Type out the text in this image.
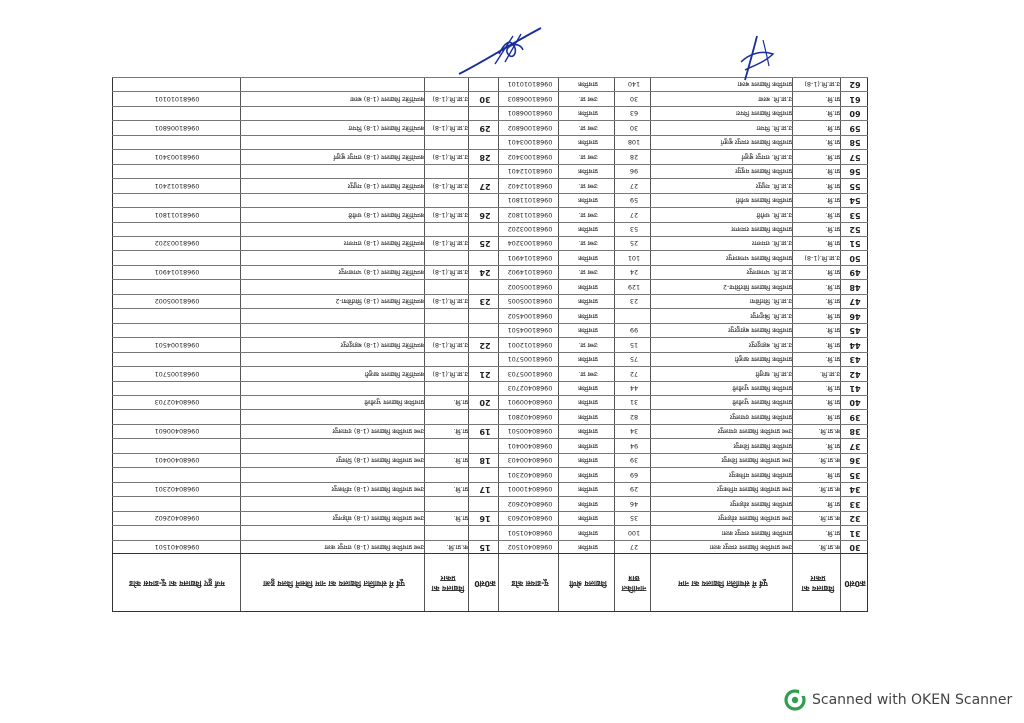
क्र0सं0
विद्यालय का प्रकार
पूर्व में संचालित विद्यालय का नाम
नामांकित छात्र
विद्यालय श्रेणी
यू-डायस कोड
क्र0सं0
विद्यालय का प्रकार
पूर्व में संचालित विद्यालय का नाम जिसमें विलय हुआ
मर्ज हुए विद्यालय का यू-डायस कोड
30
क.प्रा.वि.
उच्च प्राथमिक विद्यालय रामपुर कला
27
प्राथमिक
09680401502
15
क.प्रा.वि.
उच्च प्राथमिक विद्यालय (1-8) रामपुर कला
09680401501
31
प्रा.वि.
प्राथमिक विद्यालय रामपुर कला
100
प्राथमिक
09680401501
32
क.प्रा.वि.
उच्च प्राथमिक विद्यालय सोहनपुर
35
प्राथमिक
09680402603
16
प्रा.वि.
उच्च प्राथमिक विद्यालय (1-8) सोहनपुर
09680402602
33
प्रा.वि.
प्राथमिक विद्यालय सोहनपुर
46
प्राथमिक
09680402602
34
क.प्रा.वि.
उच्च प्राथमिक विद्यालय मनिकपुर
29
प्राथमिक
09680410001
17
प्रा.वि.
उच्च प्राथमिक विद्यालय (1-8) मनिकपुर
09680402301
35
प्रा.वि.
प्राथमिक विद्यालय मनिकपुर
69
प्राथमिक
09680402301
36
क.प्रा.वि.
उच्च प्राथमिक विद्यालय शिवपुर
39
प्राथमिक
09680400403
18
प्रा.वि.
उच्च प्राथमिक विद्यालय (1-8) शिवपुर
09680400401
37
प्रा.वि.
प्राथमिक विद्यालय शिवपुर
94
प्राथमिक
09680400401
38
क.प्रा.वि.
उच्च प्राथमिक विद्यालय दयालपुर
34
प्राथमिक
09680400501
19
प्रा.वि.
उच्च प्राथमिक विद्यालय (1-8) दयालपुर
09680400601
39
प्रा.वि.
प्राथमिक विद्यालय दयालपुर
82
प्राथमिक
09680402801
40
प्रा.वि.
प्राथमिक विद्यालय भुजौली
31
प्राथमिक
09680400901
20
प्रा.वि.
प्राथमिक विद्यालय भुजौली
09680402703
41
प्रा.वि.
प्राथमिक विद्यालय भुजौली
44
प्राथमिक
09680402703
42
उ.प्रा.वि.
उ.प्रा.वि. खजुरी
72
उच्च प्रा.
09681005703
21
उ.प्रा.वि.(1-8)
कम्पोजिट विद्यालय खजुरी
09681005701
43
प्रा.वि.
प्राथमिक विद्यालय खजुरी
75
प्राथमिक
09681005701
44
प्रा.वि.
उ.प्रा.वि. बहादुरपुर
15
उच्च प्रा.
09681012001
22
उ.प्रा.वि.(1-8)
कम्पोजिट विद्यालय (1-8) बहादुरपुर
09681004501
45
प्रा.वि.
प्राथमिक विद्यालय बहादुरपुर
99
प्राथमिक
09681004501
46
प्रा.वि.
उ.प्रा.वि. बिशुनपुर
प्राथमिक
09681004502
47
प्रा.वि.
उ.प्रा.वि. सिरसिया
23
प्राथमिक
09681005005
23
उ.प्रा.वि.(1-8)
कम्पोजिट विद्यालय (1-8) सिरसिया-2
09681005002
48
प्रा.वि.
प्राथमिक विद्यालय सिरसिया-2
129
प्राथमिक
09681005002
49
प्रा.वि.
उ.प्रा.वि. भगवानपुर
24
उच्च प्रा.
09681014902
24
उ.प्रा.वि.(1-8)
कम्पोजिट विद्यालय (1-8) भगवानपुर
09681014901
50
उ.प्रा.वि.(1-8)
प्राथमिक विद्यालय भगवानपुर
101
प्राथमिक
09681014901
51
प्रा.वि.
उ.प्रा.वि. रामनगर
25
उच्च प्रा.
09681003204
25
उ.प्रा.वि.(1-8)
कम्पोजिट विद्यालय (1-8) रामनगर
09681003202
52
प्रा.वि.
प्राथमिक विद्यालय रामनगर
53
प्राथमिक
09681003202
53
प्रा.वि.
उ.प्रा.वि. धनौरी
27
उच्च प्रा.
09681011802
26
उ.प्रा.वि.(1-8)
कम्पोजिट विद्यालय (1-8) धनौरी
09681011801
54
प्रा.वि.
प्राथमिक विद्यालय धनौरी
59
प्राथमिक
09681011801
55
प्रा.वि.
उ.प्रा.वि. मधुपुर
27
उच्च प्रा.
09681012402
27
उ.प्रा.वि.(1-8)
कम्पोजिट विद्यालय (1-8) मधुपुर
09681012401
56
प्रा.वि.
प्राथमिक विद्यालय मधुपुर
96
प्राथमिक
09681012401
57
प्रा.वि.
उ.प्रा.वि. रामपुर बुजुर्ग
28
उच्च प्रा.
09681003402
28
उ.प्रा.वि.(1-8)
कम्पोजिट विद्यालय (1-8) रामपुर बुजुर्ग
09681003401
58
प्रा.वि.
प्राथमिक विद्यालय रामपुर बुजुर्ग
108
प्राथमिक
09681003401
59
प्रा.वि.
उ.प्रा.वि. पिपरा
30
उच्च प्रा.
09681006802
29
उ.प्रा.वि.(1-8)
कम्पोजिट विद्यालय (1-8) पिपरा
09681006801
60
प्रा.वि.
प्राथमिक विद्यालय पिपरा
63
प्राथमिक
09681006801
61
प्रा.वि.
उ.प्रा.वि. बरवा
30
उच्च प्रा.
09681006803
30
उ.प्रा.वि.(1-8)
कम्पोजिट विद्यालय (1-8) बरवा
09681010101
62
उ.प्रा.वि.(1-8)
प्राथमिक विद्यालय बरवा
140
प्राथमिक
09681010101
Scanned with OKEN Scanner
